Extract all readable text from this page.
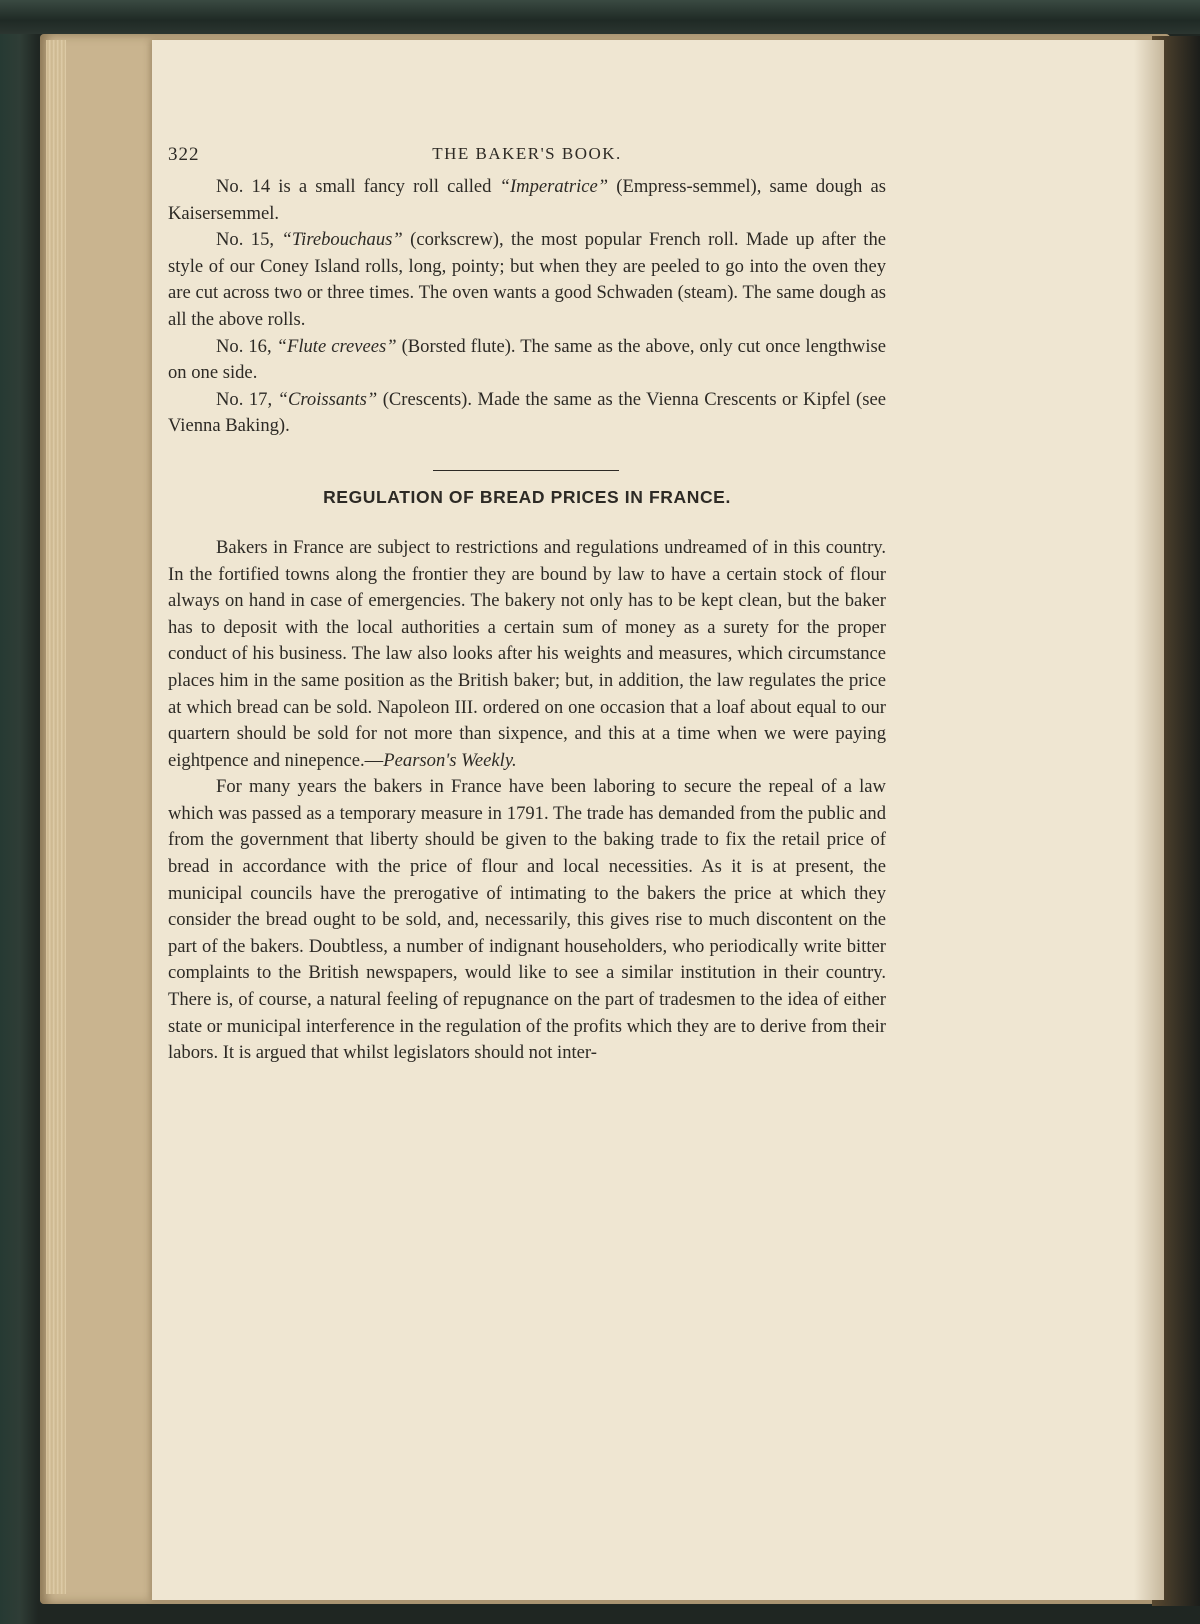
322	THE BAKER'S BOOK.

No. 14 is a small fancy roll called “Imperatrice” (Empress-semmel), same dough as Kaisersemmel.

No. 15, “Tirebouchaus” (corkscrew), the most popular French roll. Made up after the style of our Coney Island rolls, long, pointy; but when they are peeled to go into the oven they are cut across two or three times. The oven wants a good Schwaden (steam). The same dough as all the above rolls.

No. 16, “Flute crevees” (Borsted flute). The same as the above, only cut once lengthwise on one side.

No. 17, “Croissants” (Crescents). Made the same as the Vienna Crescents or Kipfel (see Vienna Baking).

REGULATION OF BREAD PRICES IN FRANCE.

Bakers in France are subject to restrictions and regulations undreamed of in this country. In the fortified towns along the frontier they are bound by law to have a certain stock of flour always on hand in case of emergencies. The bakery not only has to be kept clean, but the baker has to deposit with the local authorities a certain sum of money as a surety for the proper conduct of his business. The law also looks after his weights and measures, which circumstance places him in the same position as the British baker; but, in addition, the law regulates the price at which bread can be sold. Napoleon III. ordered on one occasion that a loaf about equal to our quartern should be sold for not more than sixpence, and this at a time when we were paying eightpence and ninepence.—Pearson's Weekly.

For many years the bakers in France have been laboring to secure the repeal of a law which was passed as a temporary measure in 1791. The trade has demanded from the public and from the government that liberty should be given to the baking trade to fix the retail price of bread in accordance with the price of flour and local necessities. As it is at present, the municipal councils have the prerogative of intimating to the bakers the price at which they consider the bread ought to be sold, and, necessarily, this gives rise to much discontent on the part of the bakers. Doubtless, a number of indignant householders, who periodically write bitter complaints to the British newspapers, would like to see a similar institution in their country. There is, of course, a natural feeling of repugnance on the part of tradesmen to the idea of either state or municipal interference in the regulation of the profits which they are to derive from their labors. It is argued that whilst legislators should not inter-
